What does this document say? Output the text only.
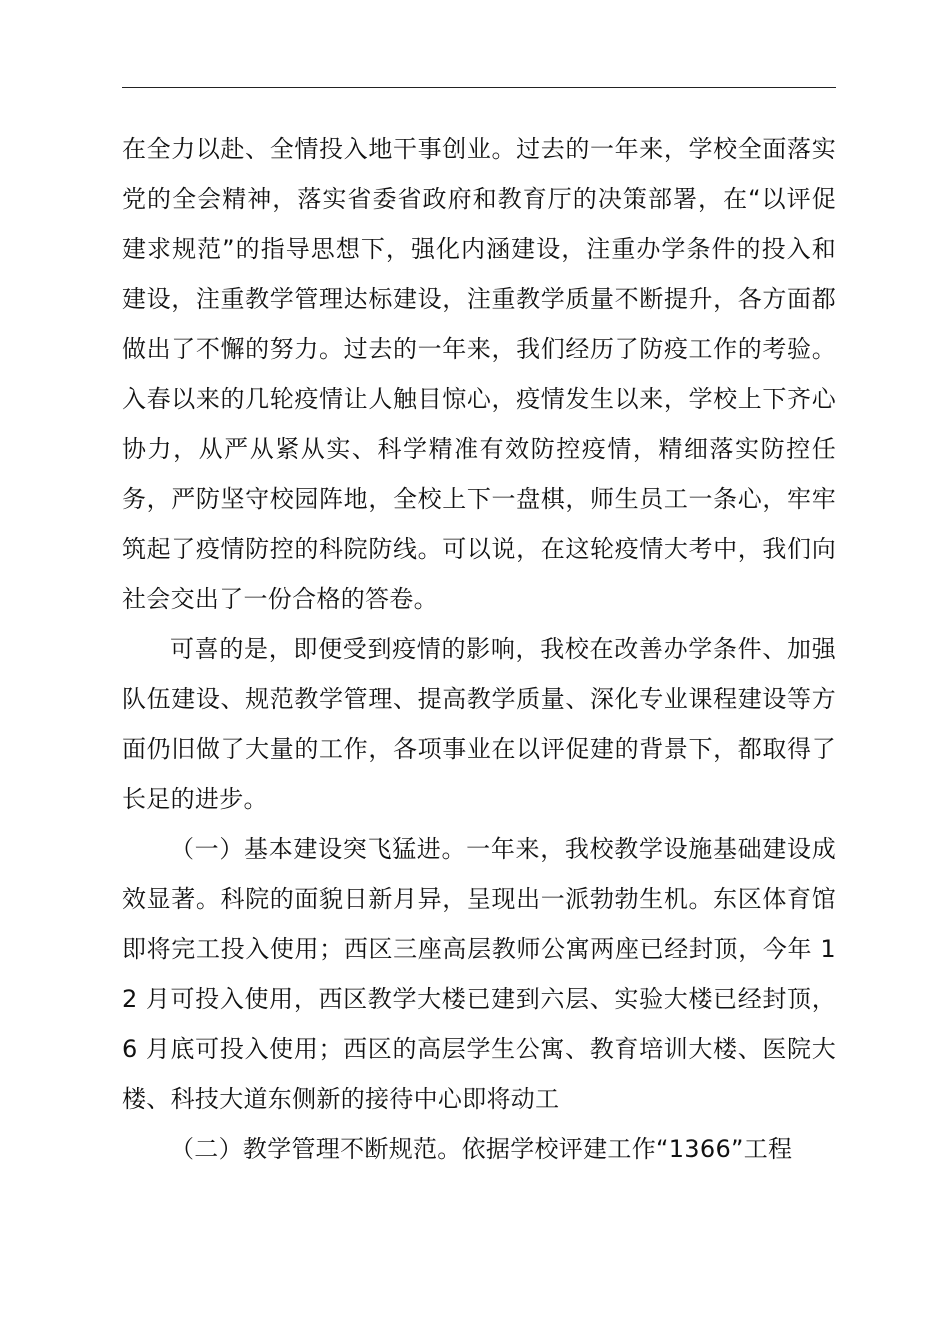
在全力以赴、全情投入地干事创业。过去的一年来，学校全面落实党的全会精神，落实省委省政府和教育厅的决策部署，在“以评促建求规范”的指导思想下，强化内涵建设，注重办学条件的投入和建设，注重教学管理达标建设，注重教学质量不断提升，各方面都做出了不懈的努力。过去的一年来，我们经历了防疫工作的考验。入春以来的几轮疫情让人触目惊心，疫情发生以来，学校上下齐心协力，从严从紧从实、科学精准有效防控疫情，精细落实防控任务，严防坚守校园阵地，全校上下一盘棋，师生员工一条心，牢牢筑起了疫情防控的科院防线。可以说，在这轮疫情大考中，我们向社会交出了一份合格的答卷。

可喜的是，即便受到疫情的影响，我校在改善办学条件、加强队伍建设、规范教学管理、提高教学质量、深化专业课程建设等方面仍旧做了大量的工作，各项事业在以评促建的背景下，都取得了长足的进步。

（一）基本建设突飞猛进。一年来，我校教学设施基础建设成效显著。科院的面貌日新月异，呈现出一派勃勃生机。东区体育馆即将完工投入使用；西区三座高层教师公寓两座已经封顶，今年 12 月可投入使用，西区教学大楼已建到六层、实验大楼已经封顶，6 月底可投入使用；西区的高层学生公寓、教育培训大楼、医院大楼、科技大道东侧新的接待中心即将动工

（二）教学管理不断规范。依据学校评建工作“1366”工程
